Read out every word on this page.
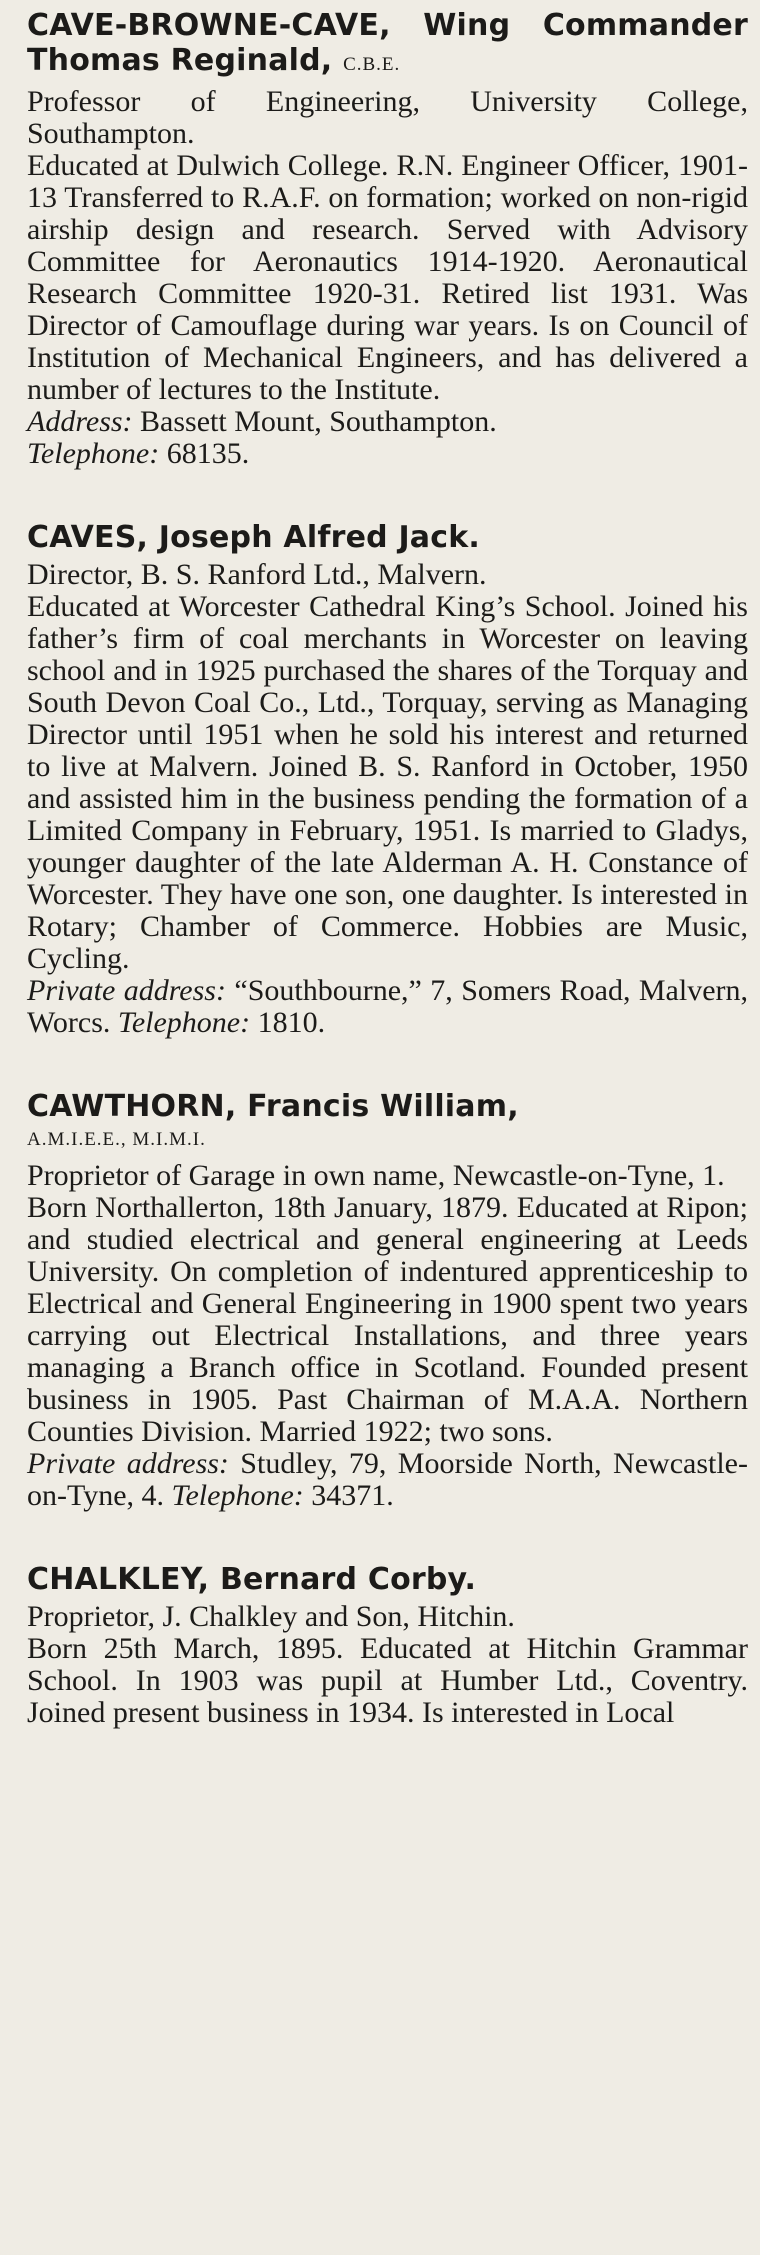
CAVE-BROWNE-CAVE, Wing Commander Thomas Reginald, C.B.E.

Professor of Engineering, University College, Southampton.

Educated at Dulwich College. R.N. Engineer Officer, 1901-13 Transferred to R.A.F. on formation; worked on non-rigid airship design and research. Served with Advisory Committee for Aeronautics 1914-1920. Aeronautical Research Committee 1920-31. Retired list 1931. Was Director of Camouflage during war years. Is on Council of Institution of Mechanical Engineers, and has delivered a number of lectures to the Institute.

Address: Bassett Mount, Southampton.
Telephone: 68135.

CAVES, Joseph Alfred Jack.

Director, B. S. Ranford Ltd., Malvern.

Educated at Worcester Cathedral King’s School. Joined his father’s firm of coal merchants in Worcester on leaving school and in 1925 purchased the shares of the Torquay and South Devon Coal Co., Ltd., Torquay, serving as Managing Director until 1951 when he sold his interest and returned to live at Malvern. Joined B. S. Ranford in October, 1950 and assisted him in the business pending the formation of a Limited Company in February, 1951. Is married to Gladys, younger daughter of the late Alderman A. H. Constance of Worcester. They have one son, one daughter. Is interested in Rotary; Chamber of Commerce. Hobbies are Music, Cycling.

Private address: “Southbourne,” 7, Somers Road, Malvern, Worcs. Telephone: 1810.

CAWTHORN, Francis William,

A.M.I.E.E., M.I.M.I.

Proprietor of Garage in own name, Newcastle-on-Tyne, 1.

Born Northallerton, 18th January, 1879. Educated at Ripon; and studied electrical and general engineering at Leeds University. On completion of indentured apprenticeship to Electrical and General Engineering in 1900 spent two years carrying out Electrical Installations, and three years managing a Branch office in Scotland. Founded present business in 1905. Past Chairman of M.A.A. Northern Counties Division. Married 1922; two sons.

Private address: Studley, 79, Moorside North, Newcastle-on-Tyne, 4. Telephone: 34371.

CHALKLEY, Bernard Corby.

Proprietor, J. Chalkley and Son, Hitchin.

Born 25th March, 1895. Educated at Hitchin Grammar School. In 1903 was pupil at Humber Ltd., Coventry. Joined present business in 1934. Is interested in Local
